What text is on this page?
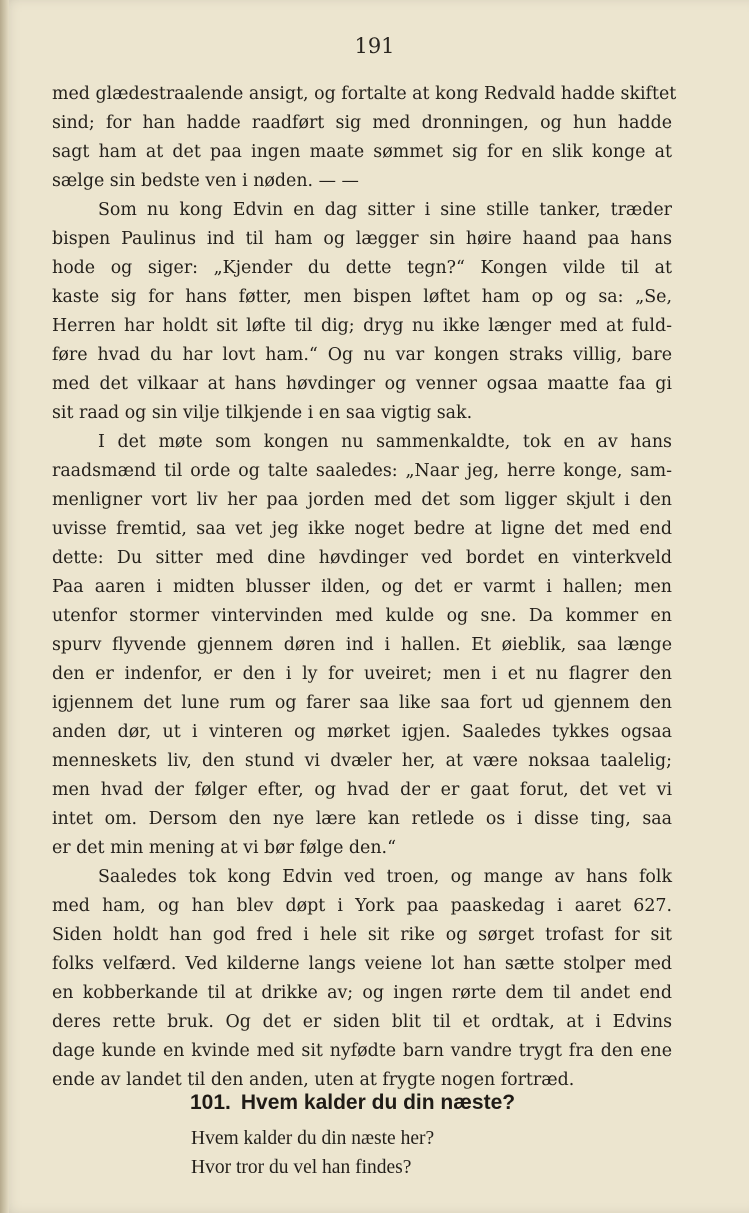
191
med glædestraalende ansigt, og fortalte at kong Redvald hadde skiftet
sind; for han hadde raadført sig med dronningen, og hun hadde
sagt ham at det paa ingen maate sømmet sig for en slik konge at
sælge sin bedste ven i nøden. — —
Som nu kong Edvin en dag sitter i sine stille tanker, træder
bispen Paulinus ind til ham og lægger sin høire haand paa hans
hode og siger: „Kjender du dette tegn?“ Kongen vilde til at
kaste sig for hans føtter, men bispen løftet ham op og sa: „Se,
Herren har holdt sit løfte til dig; dryg nu ikke længer med at fuld-
føre hvad du har lovt ham.“ Og nu var kongen straks villig, bare
med det vilkaar at hans høvdinger og venner ogsaa maatte faa gi
sit raad og sin vilje tilkjende i en saa vigtig sak.
I det møte som kongen nu sammenkaldte, tok en av hans
raadsmænd til orde og talte saaledes: „Naar jeg, herre konge, sam-
menligner vort liv her paa jorden med det som ligger skjult i den
uvisse fremtid, saa vet jeg ikke noget bedre at ligne det med end
dette: Du sitter med dine høvdinger ved bordet en vinterkveld
Paa aaren i midten blusser ilden, og det er varmt i hallen; men
utenfor stormer vintervinden med kulde og sne. Da kommer en
spurv flyvende gjennem døren ind i hallen. Et øieblik, saa længe
den er indenfor, er den i ly for uveiret; men i et nu flagrer den
igjennem det lune rum og farer saa like saa fort ud gjennem den
anden dør, ut i vinteren og mørket igjen. Saaledes tykkes ogsaa
menneskets liv, den stund vi dvæler her, at være noksaa taalelig;
men hvad der følger efter, og hvad der er gaat forut, det vet vi
intet om. Dersom den nye lære kan retlede os i disse ting, saa
er det min mening at vi bør følge den.“
Saaledes tok kong Edvin ved troen, og mange av hans folk
med ham, og han blev døpt i York paa paaskedag i aaret 627.
Siden holdt han god fred i hele sit rike og sørget trofast for sit
folks velfærd. Ved kilderne langs veiene lot han sætte stolper med
en kobberkande til at drikke av; og ingen rørte dem til andet end
deres rette bruk. Og det er siden blit til et ordtak, at i Edvins
dage kunde en kvinde med sit nyfødte barn vandre trygt fra den ene
ende av landet til den anden, uten at frygte nogen fortræd.
101. Hvem kalder du din næste?
Hvem kalder du din næste her?
Hvor tror du vel han findes?
